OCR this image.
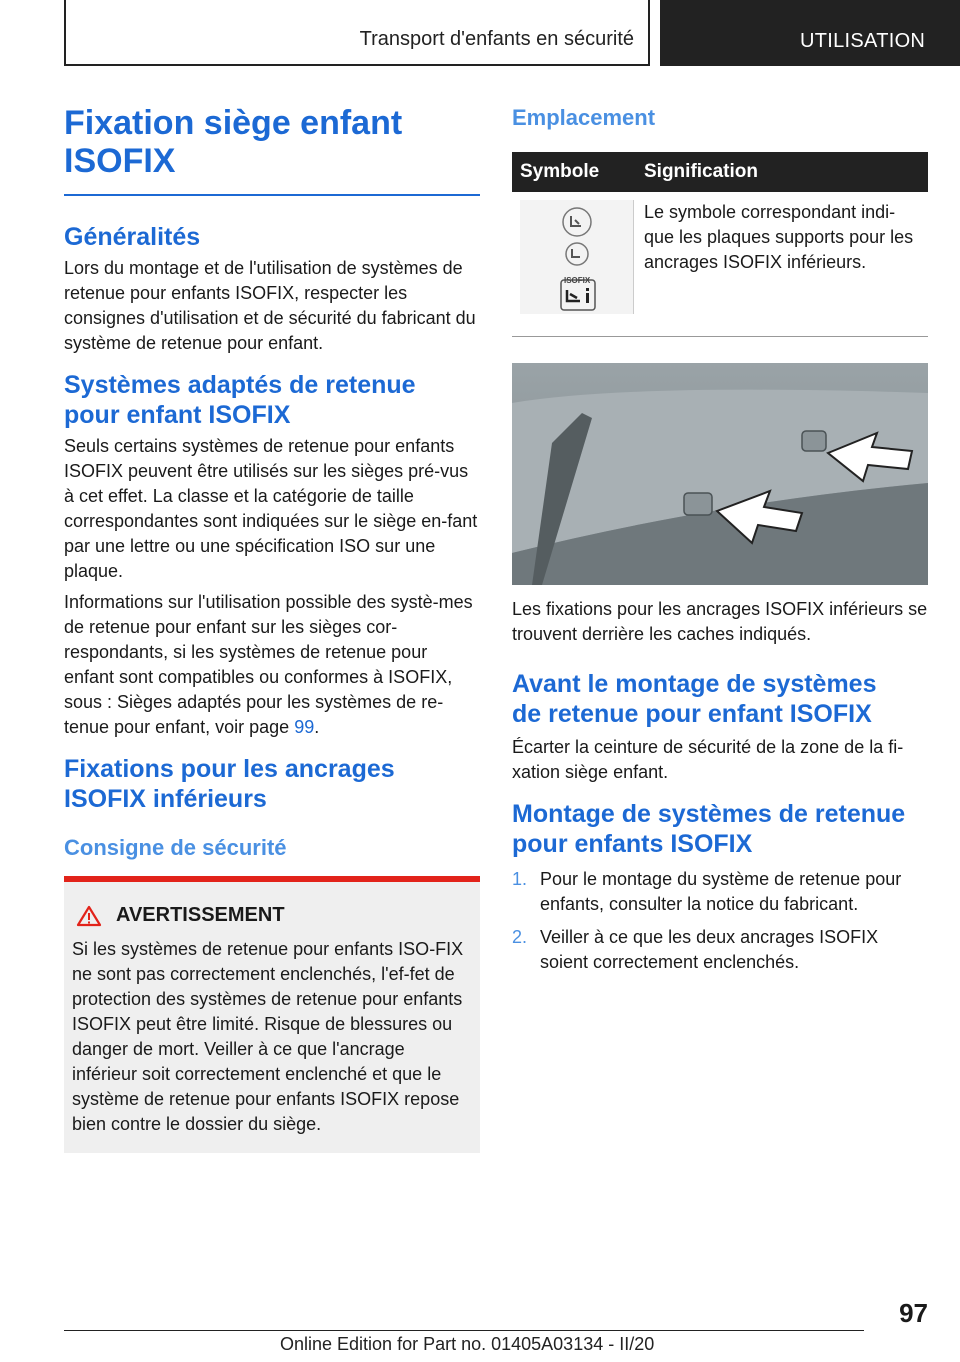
Transport d'enfants en sécurité	UTILISATION
Fixation siège enfant
ISOFIX
Généralités
Lors du montage et de l'utilisation de systèmes de retenue pour enfants ISOFIX, respecter les consignes d'utilisation et de sécurité du fabricant du système de retenue pour enfant.
Systèmes adaptés de retenue
pour enfant ISOFIX
Seuls certains systèmes de retenue pour enfants ISOFIX peuvent être utilisés sur les sièges pré‐vus à cet effet. La classe et la catégorie de taille correspondantes sont indiquées sur le siège en‐fant par une lettre ou une spécification ISO sur une plaque.
Informations sur l'utilisation possible des systè‐mes de retenue pour enfant sur les sièges cor‐respondants, si les systèmes de retenue pour enfant sont compatibles ou conformes à ISOFIX, sous : Sièges adaptés pour les systèmes de re‐tenue pour enfant, voir page 99.
Fixations pour les ancrages
ISOFIX inférieurs
Consigne de sécurité
AVERTISSEMENT
Si les systèmes de retenue pour enfants ISO‐FIX ne sont pas correctement enclenchés, l'ef‐fet de protection des systèmes de retenue pour enfants ISOFIX peut être limité. Risque de blessures ou danger de mort. Veiller à ce que l'ancrage inférieur soit correctement enclenché et que le système de retenue pour enfants ISOFIX repose bien contre le dossier du siège.
Emplacement
Symbole	Signification

ISOFIX	Le symbole correspondant indi‐que les plaques supports pour les ancrages ISOFIX inférieurs.
Les fixations pour les ancrages ISOFIX inférieurs se trouvent derrière les caches indiqués.
Avant le montage de systèmes
de retenue pour enfant ISOFIX
Écarter la ceinture de sécurité de la zone de la fi‐xation siège enfant.
Montage de systèmes de retenue
pour enfants ISOFIX
1. Pour le montage du système de retenue pour enfants, consulter la notice du fabricant.
2. Veiller à ce que les deux ancrages ISOFIX soient correctement enclenchés.
97
Online Edition for Part no. 01405A03134 - II/20
